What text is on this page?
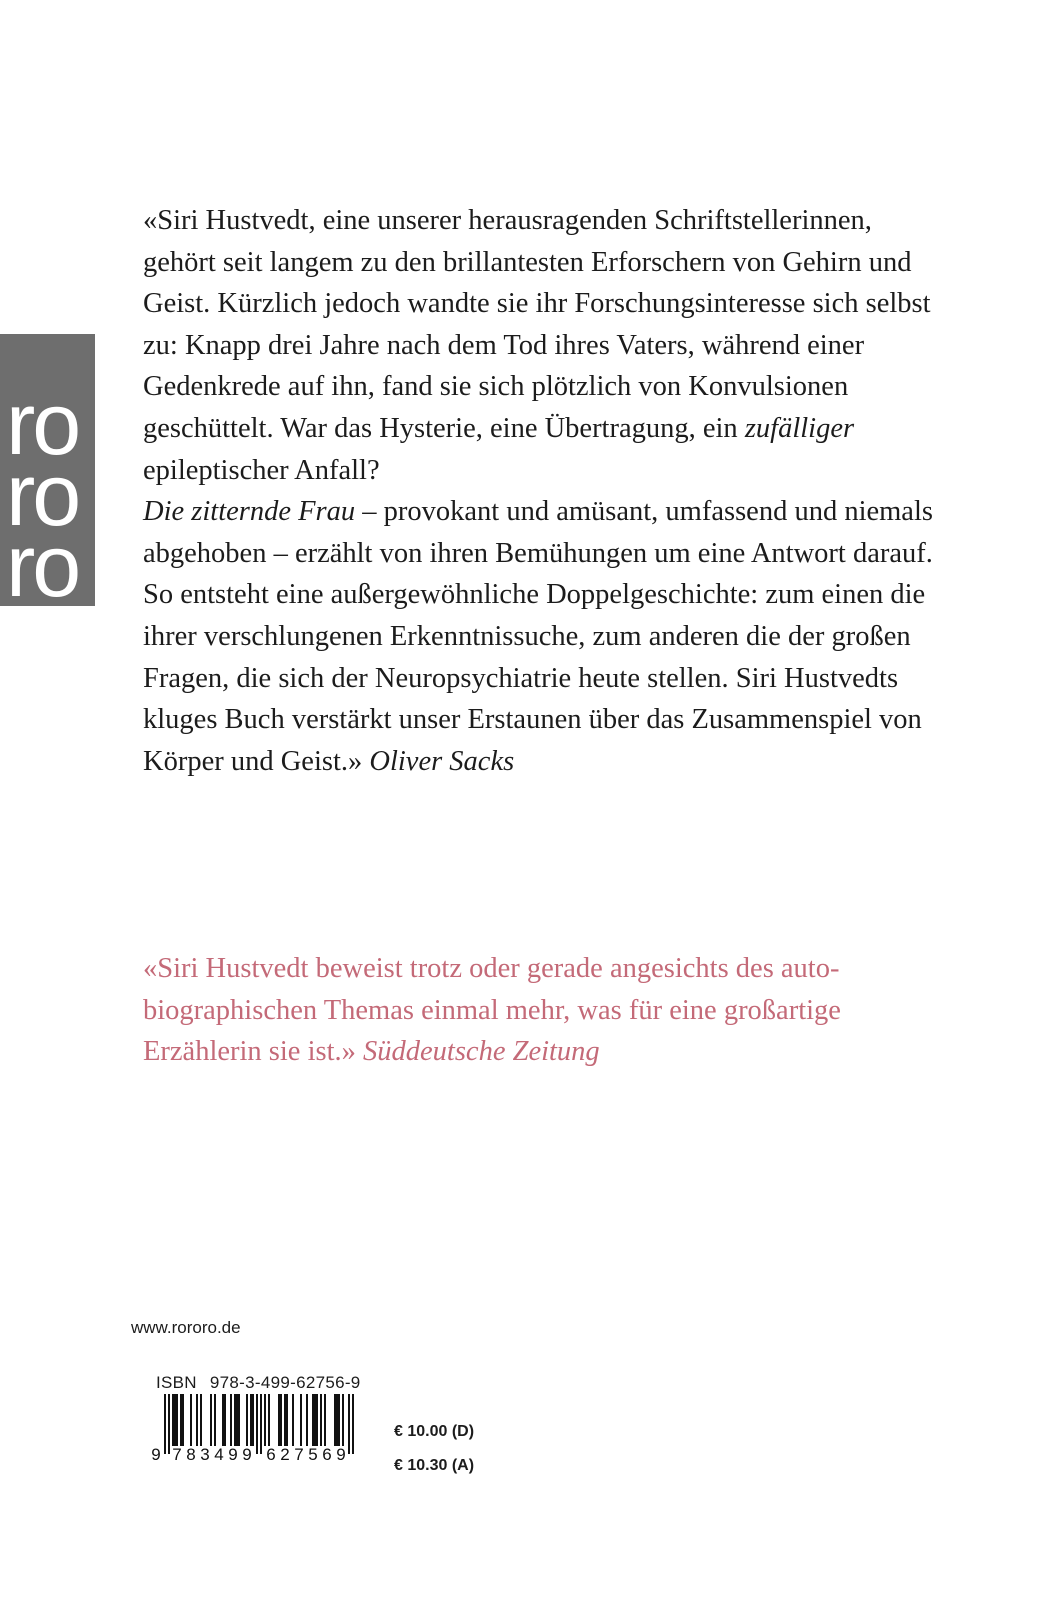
ro
ro
ro

«Siri Hustvedt, eine unserer herausragenden Schriftstellerinnen, gehört seit langem zu den brillantesten Erforschern von Gehirn und Geist. Kürzlich jedoch wandte sie ihr Forschungsinteresse sich selbst zu: Knapp drei Jahre nach dem Tod ihres Vaters, während einer Gedenkrede auf ihn, fand sie sich plötzlich von Konvulsionen geschüttelt. War das Hysterie, eine Übertragung, ein zufälliger epileptischer Anfall?

Die zitternde Frau – provokant und amüsant, umfassend und niemals abgehoben – erzählt von ihren Bemühungen um eine Antwort darauf. So entsteht eine außergewöhnliche Doppelgeschichte: zum einen die ihrer verschlungenen Erkenntnissuche, zum anderen die der großen Fragen, die sich der Neuropsychiatrie heute stellen. Siri Hustvedts kluges Buch verstärkt unser Erstaunen über das Zusammenspiel von Körper und Geist.» Oliver Sacks

«Siri Hustvedt beweist trotz oder gerade angesichts des autobiographischen Themas einmal mehr, was für eine großartige Erzählerin sie ist.» Süddeutsche Zeitung
www.rororo.de
ISBN 978-3-499-62756-9
9 7 8 3 4 9 9 6 2 7 5 6 9
€ 10.00 (D)
€ 10.30 (A)
